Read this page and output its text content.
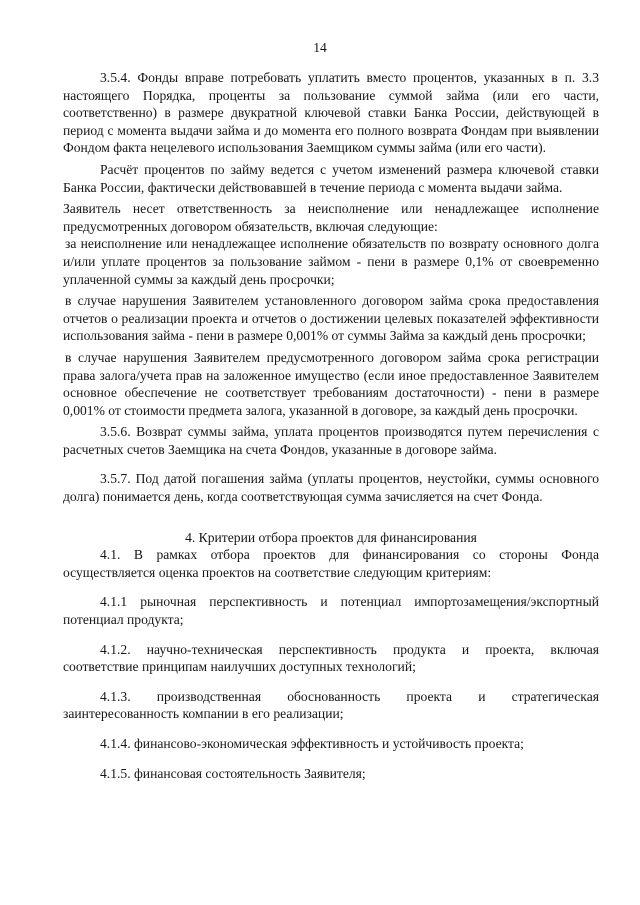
14

3.5.4. Фонды вправе потребовать уплатить вместо процентов, указанных в п. 3.3 настоящего Порядка, проценты за пользование суммой займа (или его части, соответственно) в размере двукратной ключевой ставки Банка России, действующей в период с момента выдачи займа и до момента его полного возврата Фондам при выявлении Фондом факта нецелевого использования Заемщиком суммы займа (или его части).

Расчёт процентов по займу ведется с учетом изменений размера ключевой ставки Банка России, фактически действовавшей в течение периода с момента выдачи займа.

Заявитель несет ответственность за неисполнение или ненадлежащее исполнение предусмотренных договором обязательств, включая следующие:

за неисполнение или ненадлежащее исполнение обязательств по возврату основного долга и/или уплате процентов за пользование займом - пени в размере 0,1% от своевременно уплаченной суммы за каждый день просрочки;

в случае нарушения Заявителем установленного договором займа срока предоставления отчетов о реализации проекта и отчетов о достижении целевых показателей эффективности использования займа - пени в размере 0,001% от суммы Займа за каждый день просрочки;

в случае нарушения Заявителем предусмотренного договором займа срока регистрации права залога/учета прав на заложенное имущество (если иное предоставленное Заявителем основное обеспечение не соответствует требованиям достаточности) - пени в размере 0,001% от стоимости предмета залога, указанной в договоре, за каждый день просрочки.

3.5.6. Возврат суммы займа, уплата процентов производятся путем перечисления с расчетных счетов Заемщика на счета Фондов, указанные в договоре займа.

3.5.7. Под датой погашения займа (уплаты процентов, неустойки, суммы основного долга) понимается день, когда соответствующая сумма зачисляется на счет Фонда.

4. Критерии отбора проектов для финансирования

4.1. В рамках отбора проектов для финансирования со стороны Фонда осуществляется оценка проектов на соответствие следующим критериям:

4.1.1 рыночная перспективность и потенциал импортозамещения/экспортный потенциал продукта;

4.1.2. научно-техническая перспективность продукта и проекта, включая соответствие принципам наилучших доступных технологий;

4.1.3. производственная обоснованность проекта и стратегическая заинтересованность компании в его реализации;

4.1.4. финансово-экономическая эффективность и устойчивость проекта;

4.1.5. финансовая состоятельность Заявителя;
